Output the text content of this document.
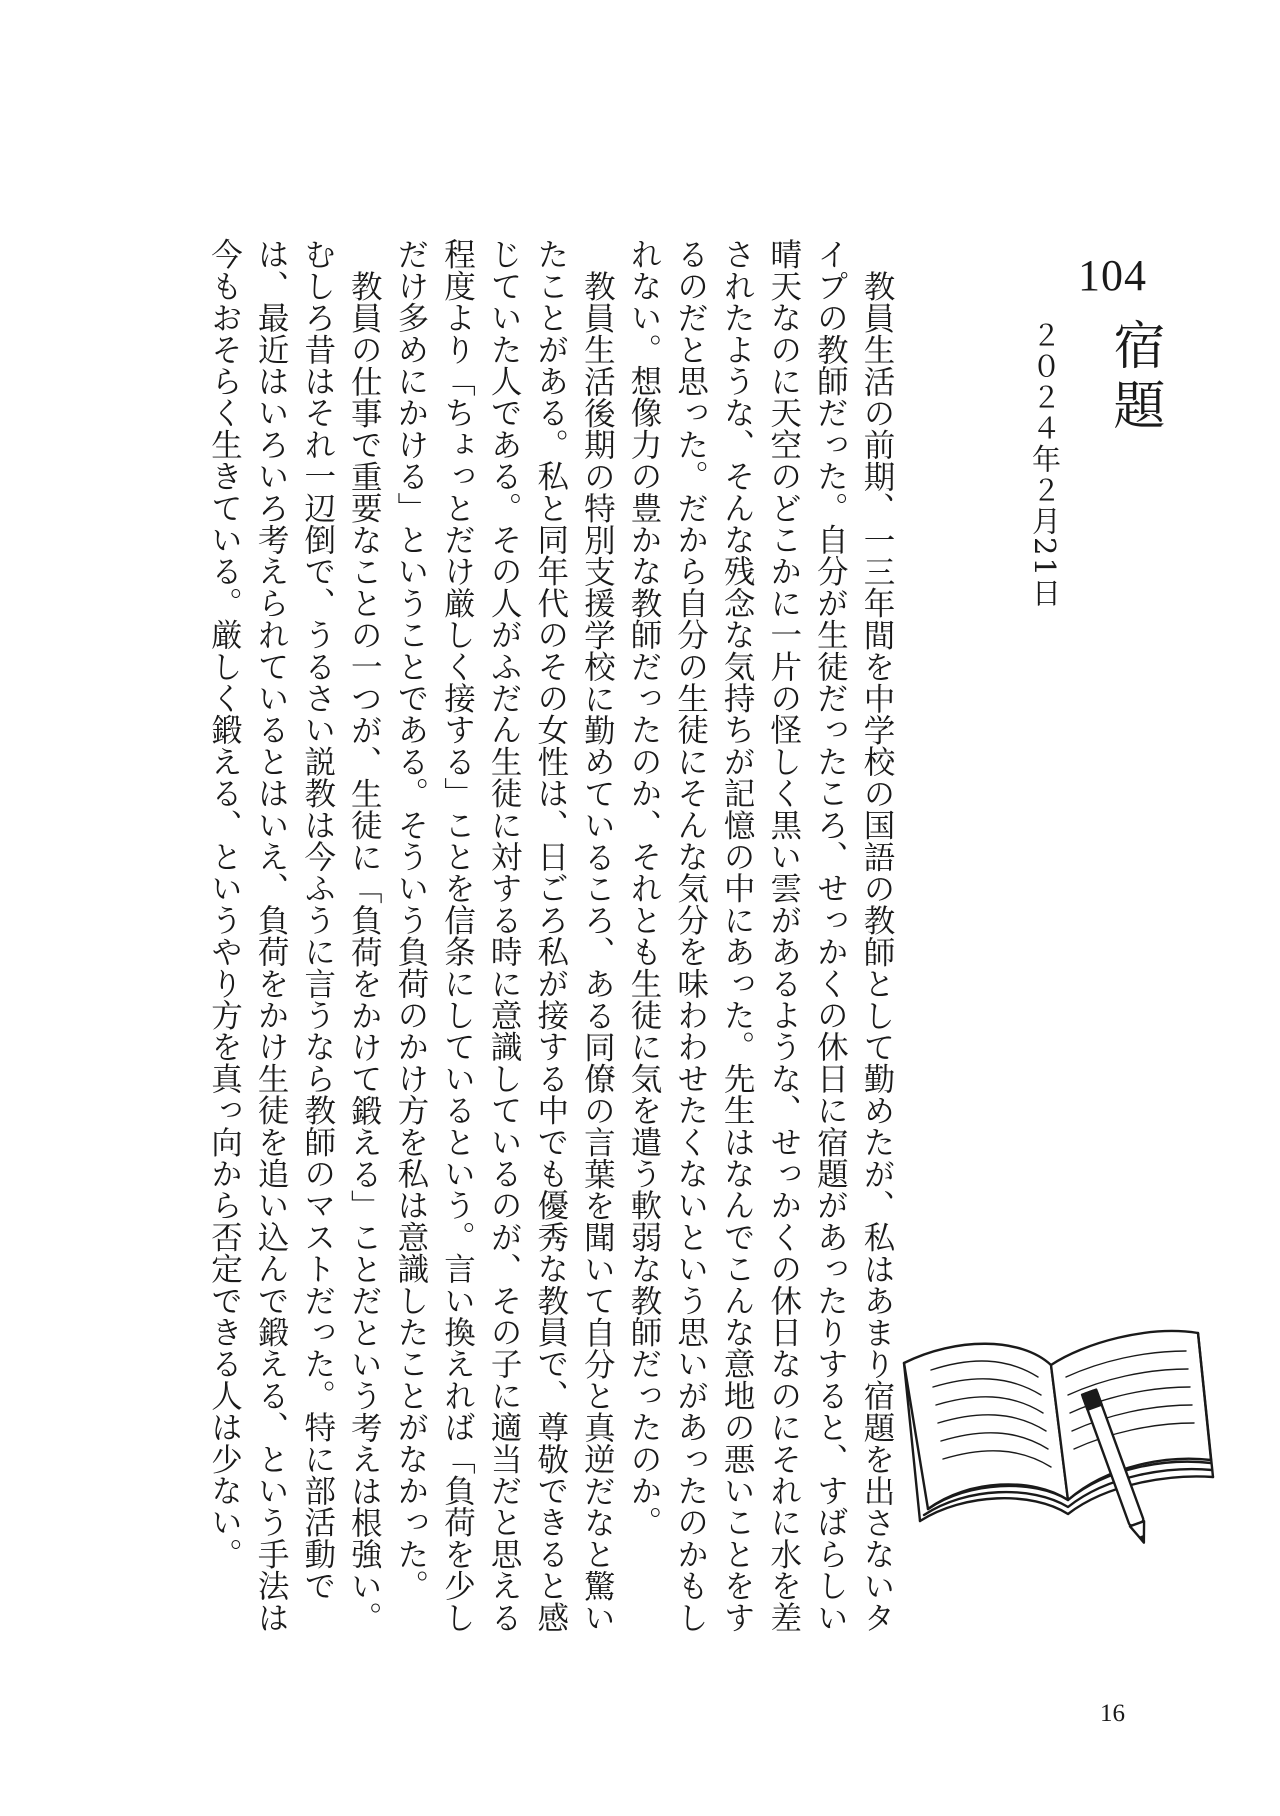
104
宿題
２０２４年２月21日

教員生活の前期、一三年間を中学校の国語の教師として勤めたが、私はあまり宿題を出さないタイプの教師だった。自分が生徒だったころ、せっかくの休日に宿題があったりすると、すばらしい晴天なのに天空のどこかに一片の怪しく黒い雲があるような、せっかくの休日なのにそれに水を差されたような、そんな残念な気持ちが記憶の中にあった。先生はなんでこんな意地の悪いことをするのだと思った。だから自分の生徒にそんな気分を味わわせたくないという思いがあったのかもしれない。想像力の豊かな教師だったのか、それとも生徒に気を遣う軟弱な教師だったのか。

教員生活後期の特別支援学校に勤めているころ、ある同僚の言葉を聞いて自分と真逆だなと驚いたことがある。私と同年代のその女性は、日ごろ私が接する中でも優秀な教員で、尊敬できると感じていた人である。その人がふだん生徒に対する時に意識しているのが、その子に適当だと思える程度より「ちょっとだけ厳しく接する」ことを信条にしているという。言い換えれば「負荷を少しだけ多めにかける」ということである。そういう負荷のかけ方を私は意識したことがなかった。

教員の仕事で重要なことの一つが、生徒に「負荷をかけて鍛える」ことだという考えは根強い。むしろ昔はそれ一辺倒で、うるさい説教は今ふうに言うなら教師のマストだった。特に部活動では、最近はいろいろ考えられているとはいえ、負荷をかけ生徒を追い込んで鍛える、という手法は今もおそらく生きている。厳しく鍛える、というやり方を真っ向から否定できる人は少ない。

16
